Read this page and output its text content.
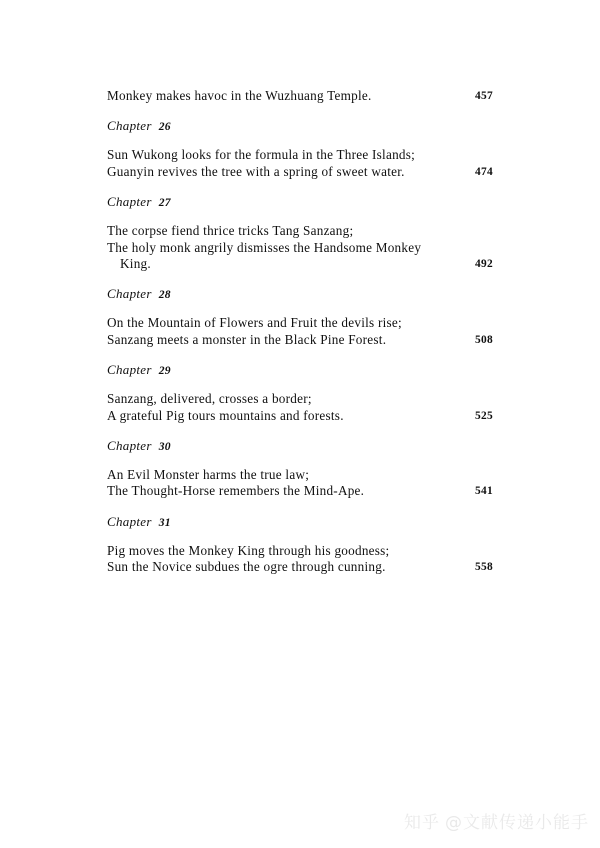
Monkey makes havoc in the Wuzhuang Temple.	457
Chapter 26
Sun Wukong looks for the formula in the Three Islands;
Guanyin revives the tree with a spring of sweet water.	474
Chapter 27
The corpse fiend thrice tricks Tang Sanzang;
The holy monk angrily dismisses the Handsome Monkey
King.	492
Chapter 28
On the Mountain of Flowers and Fruit the devils rise;
Sanzang meets a monster in the Black Pine Forest.	508
Chapter 29
Sanzang, delivered, crosses a border;
A grateful Pig tours mountains and forests.	525
Chapter 30
An Evil Monster harms the true law;
The Thought-Horse remembers the Mind-Ape.	541
Chapter 31
Pig moves the Monkey King through his goodness;
Sun the Novice subdues the ogre through cunning.	558
知乎 @文献传递小能手
